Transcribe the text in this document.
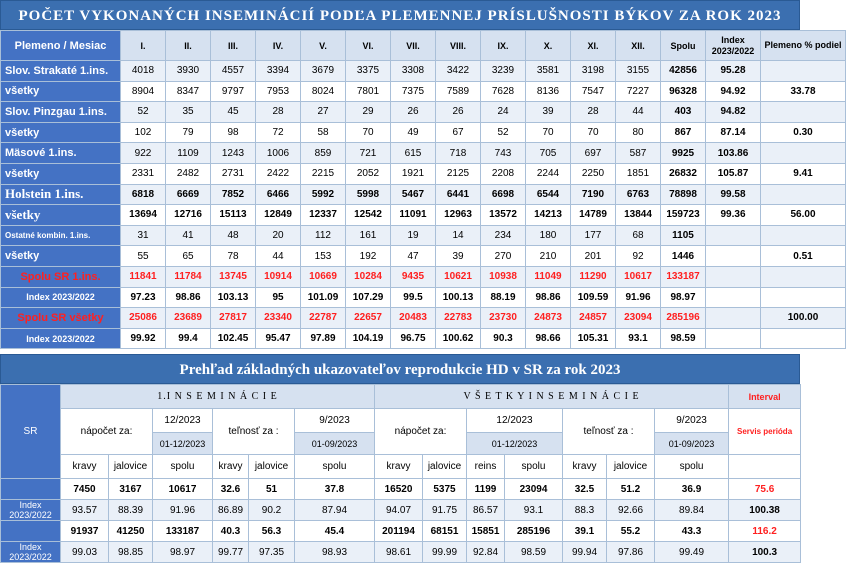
POČET VYKONANÝCH INSEMINÁCIÍ PODĽA PLEMENNEJ PRÍSLUŠNOSTI BÝKOV ZA ROK 2023
Plemeno / Mesiac	I.	II.	III.	IV.	V.	VI.	VII.	VIII.	IX.	X.	XI.	XII.	Spolu	Index 2023/2022	Plemeno % podiel
Slov. Strakaté 1.ins.	4018	3930	4557	3394	3679	3375	3308	3422	3239	3581	3198	3155	42856	95.28	
všetky	8904	8347	9797	7953	8024	7801	7375	7589	7628	8136	7547	7227	96328	94.92	33.78
Slov. Pinzgau 1.ins.	52	35	45	28	27	29	26	26	24	39	28	44	403	94.82	
všetky	102	79	98	72	58	70	49	67	52	70	70	80	867	87.14	0.30
Mäsové 1.ins.	922	1109	1243	1006	859	721	615	718	743	705	697	587	9925	103.86	
všetky	2331	2482	2731	2422	2215	2052	1921	2125	2208	2244	2250	1851	26832	105.87	9.41
Holstein 1.ins.	6818	6669	7852	6466	5992	5998	5467	6441	6698	6544	7190	6763	78898	99.58	
všetky	13694	12716	15113	12849	12337	12542	11091	12963	13572	14213	14789	13844	159723	99.36	56.00
Ostatné kombin. 1.ins.	31	41	48	20	112	161	19	14	234	180	177	68	1105		
všetky	55	65	78	44	153	192	47	39	270	210	201	92	1446		0.51
Spolu SR 1.ins.	11841	11784	13745	10914	10669	10284	9435	10621	10938	11049	11290	10617	133187		
Index 2023/2022	97.23	98.86	103.13	95	101.09	107.29	99.5	100.13	88.19	98.86	109.59	91.96	98.97		
Spolu SR všetky	25086	23689	27817	23340	22787	22657	20483	22783	23730	24873	24857	23094	285196		100.00
Index 2023/2022	99.92	99.4	102.45	95.47	97.89	104.19	96.75	100.62	90.3	98.66	105.31	93.1	98.59		
Prehľad základných ukazovateľov reprodukcie HD v SR za rok 2023
SR	1.I N S E M I N Á C I E						V Š E T K Y I N S E M I N Á C I E							Interval
	nápočet za:		12/2023	teľnosť za :		9/2023	nápočet za:		12/2023		teľnosť za :		9/2023	Servis perióda
			01-12/2023			01-09/2023			01-12/2023				01-09/2023	
	kravy	jalovice	spolu	kravy	jalovice	spolu	kravy	jalovice	reins	spolu	kravy	jalovice	spolu	
	7450	3167	10617	32.6	51	37.8	16520	5375	1199	23094	32.5	51.2	36.9	75.6
Index 2023/2022	93.57	88.39	91.96	86.89	90.2	87.94	94.07	91.75	86.57	93.1	88.3	92.66	89.84	100.38
	91937	41250	133187	40.3	56.3	45.4	201194	68151	15851	285196	39.1	55.2	43.3	116.2
Index 2023/2022	99.03	98.85	98.97	99.77	97.35	98.93	98.61	99.99	92.84	98.59	99.94	97.86	99.49	100.3
